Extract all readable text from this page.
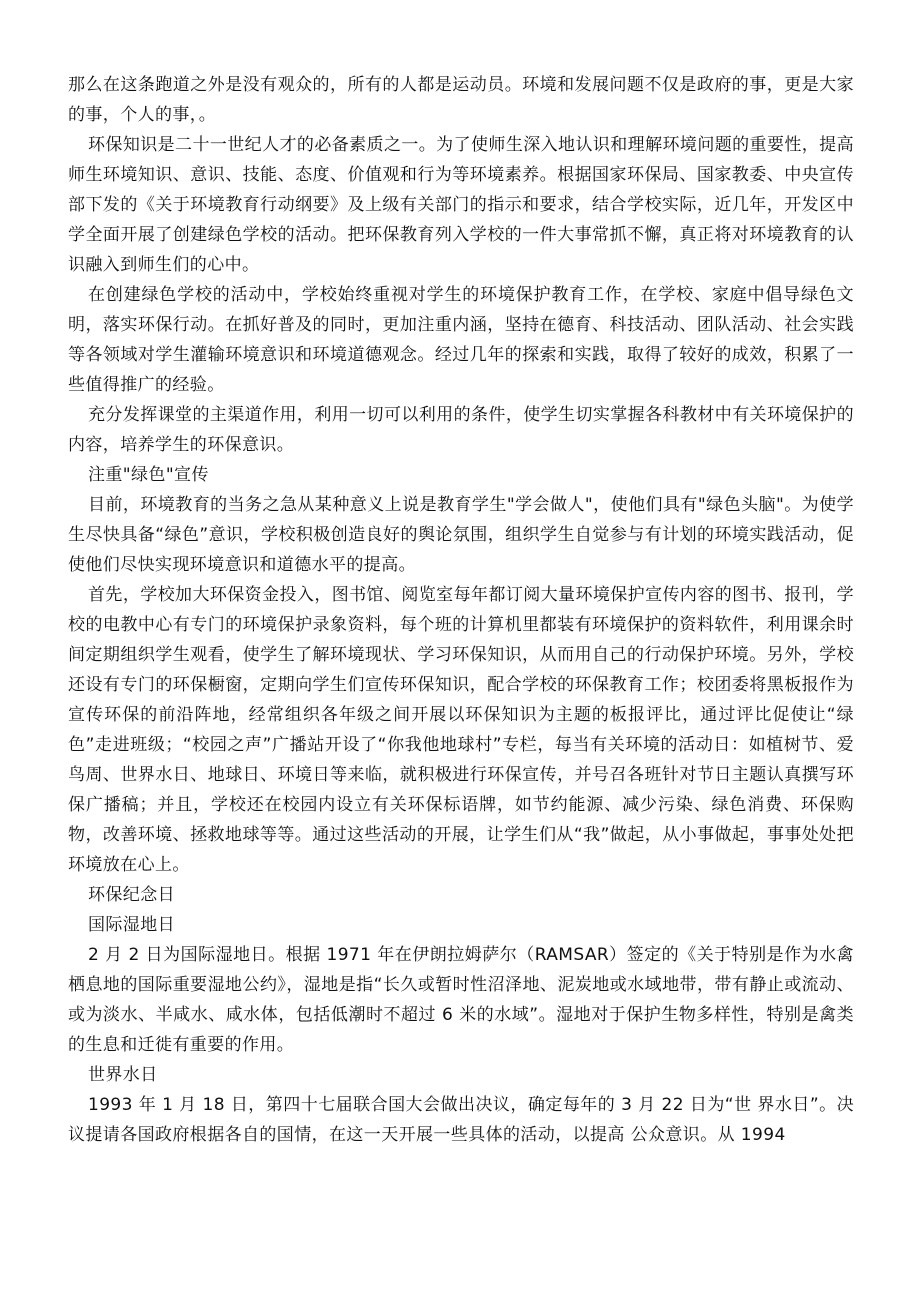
那么在这条跑道之外是没有观众的，所有的人都是运动员。环境和发展问题不仅是政府的事，更是大家的事，个人的事，。

环保知识是二十一世纪人才的必备素质之一。为了使师生深入地认识和理解环境问题的重要性，提高师生环境知识、意识、技能、态度、价值观和行为等环境素养。根据国家环保局、国家教委、中央宣传部下发的《关于环境教育行动纲要》及上级有关部门的指示和要求，结合学校实际，近几年，开发区中学全面开展了创建绿色学校的活动。把环保教育列入学校的一件大事常抓不懈，真正将对环境教育的认识融入到师生们的心中。

在创建绿色学校的活动中，学校始终重视对学生的环境保护教育工作，在学校、家庭中倡导绿色文明，落实环保行动。在抓好普及的同时，更加注重内涵，坚持在德育、科技活动、团队活动、社会实践等各领域对学生灌输环境意识和环境道德观念。经过几年的探索和实践，取得了较好的成效，积累了一些值得推广的经验。

充分发挥课堂的主渠道作用，利用一切可以利用的条件，使学生切实掌握各科教材中有关环境保护的内容，培养学生的环保意识。

注重"绿色"宣传

目前，环境教育的当务之急从某种意义上说是教育学生"学会做人"，使他们具有"绿色头脑"。为使学生尽快具备“绿色”意识，学校积极创造良好的舆论氛围，组织学生自觉参与有计划的环境实践活动，促使他们尽快实现环境意识和道德水平的提高。

首先，学校加大环保资金投入，图书馆、阅览室每年都订阅大量环境保护宣传内容的图书、报刊，学校的电教中心有专门的环境保护录象资料，每个班的计算机里都装有环境保护的资料软件，利用课余时间定期组织学生观看，使学生了解环境现状、学习环保知识，从而用自己的行动保护环境。另外，学校还设有专门的环保橱窗，定期向学生们宣传环保知识，配合学校的环保教育工作；校团委将黑板报作为宣传环保的前沿阵地，经常组织各年级之间开展以环保知识为主题的板报评比，通过评比促使让“绿色”走进班级；“校园之声”广播站开设了“你我他地球村”专栏，每当有关环境的活动日：如植树节、爱鸟周、世界水日、地球日、环境日等来临，就积极进行环保宣传，并号召各班针对节日主题认真撰写环保广播稿；并且，学校还在校园内设立有关环保标语牌，如节约能源、减少污染、绿色消费、环保购物，改善环境、拯救地球等等。通过这些活动的开展，让学生们从“我”做起，从小事做起，事事处处把环境放在心上。

环保纪念日

国际湿地日

2 月 2 日为国际湿地日。根据 1971 年在伊朗拉姆萨尔（RAMSAR）签定的《关于特别是作为水禽栖息地的国际重要湿地公约》，湿地是指“长久或暂时性沼泽地、泥炭地或水域地带，带有静止或流动、或为淡水、半咸水、咸水体，包括低潮时不超过 6 米的水域”。湿地对于保护生物多样性，特别是禽类的生息和迁徙有重要的作用。

世界水日

1993 年 1 月 18 日，第四十七届联合国大会做出决议，确定每年的 3 月 22 日为“世 界水日”。决议提请各国政府根据各自的国情，在这一天开展一些具体的活动，以提高 公众意识。从 1994
